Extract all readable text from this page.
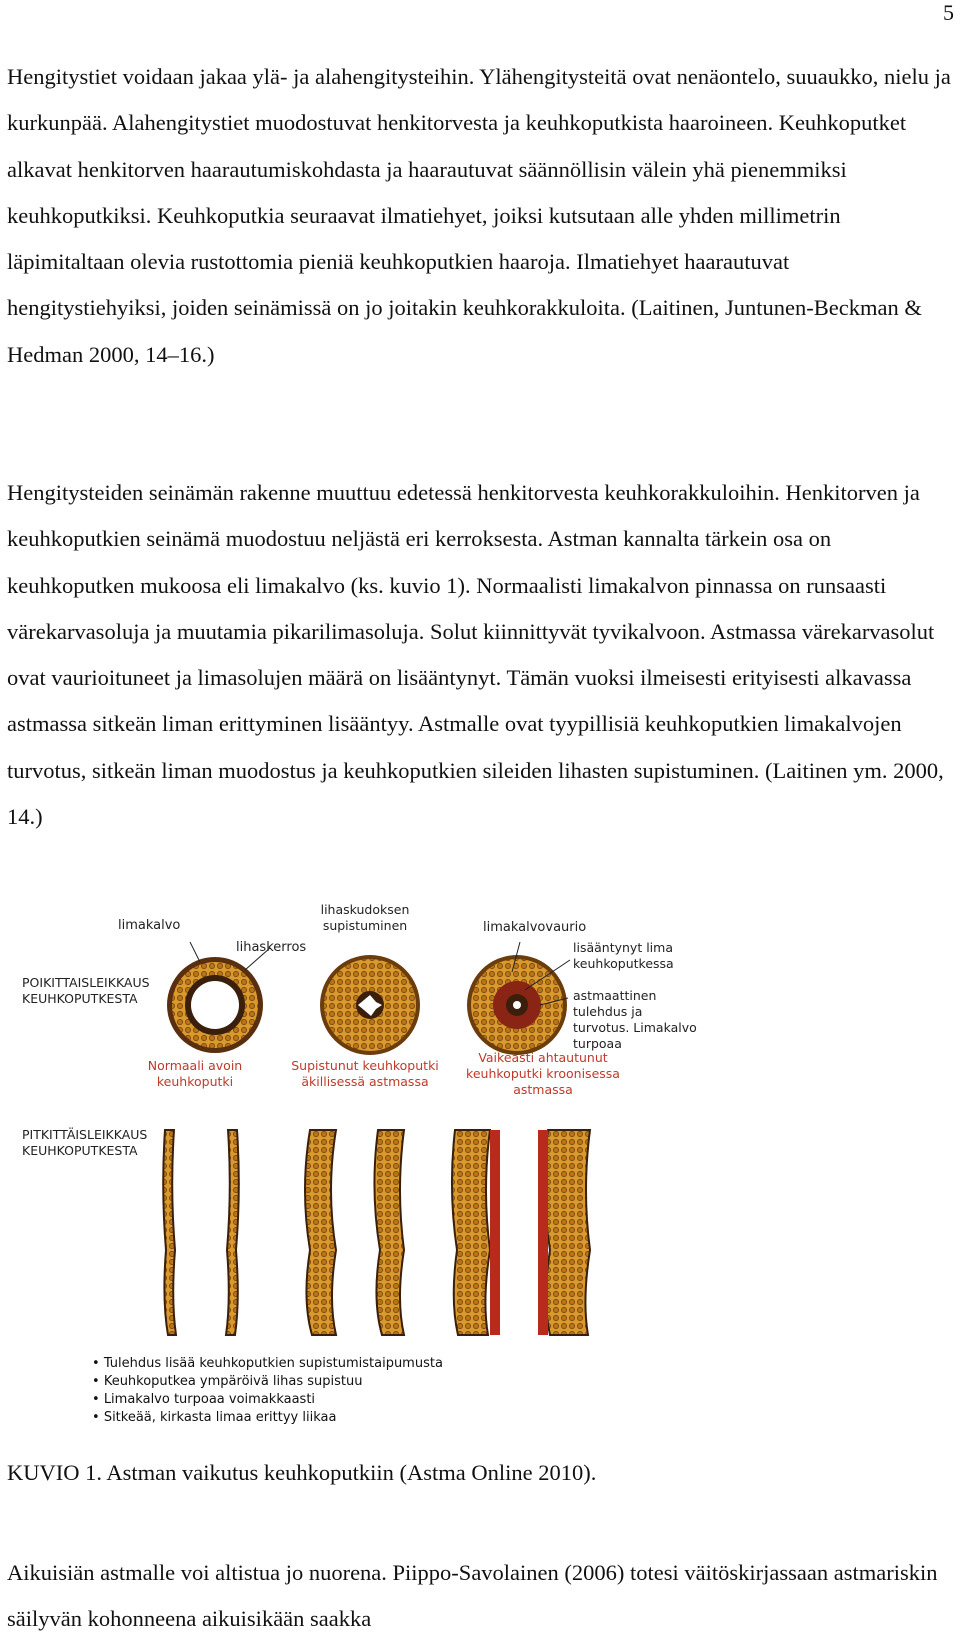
5

Hengitystiet voidaan jakaa ylä- ja alahengitysteihin. Ylähengitysteitä ovat nenäontelo, suuaukko, nielu ja kurkunpää. Alahengitystiet muodostuvat henkitorvesta ja keuhkoputkista haaroineen. Keuhkoputket alkavat henkitorven haarautumiskohdasta ja haarautuvat säännöllisin välein yhä pienemmiksi keuhkoputkiksi. Keuhkoputkia seuraavat ilmatiehyet, joiksi kutsutaan alle yhden millimetrin läpimitaltaan olevia rustottomia pieniä keuhkoputkien haaroja. Ilmatiehyet haarautuvat hengitystiehyiksi, joiden seinämissä on jo joitakin keuhkorakkuloita. (Laitinen, Juntunen-Beckman & Hedman 2000, 14–16.)

Hengitysteiden seinämän rakenne muuttuu edetessä henkitorvesta keuhkorakkuloihin. Henkitorven ja keuhkoputkien seinämä muodostuu neljästä eri kerroksesta. Astman kannalta tärkein osa on keuhkoputken mukoosa eli limakalvo (ks. kuvio 1). Normaalisti limakalvon pinnassa on runsaasti värekarvasoluja ja muutamia pikarilimasoluja. Solut kiinnittyvät tyvikalvoon. Astmassa värekarvasolut ovat vaurioituneet ja limasolujen määrä on lisääntynyt. Tämän vuoksi ilmeisesti erityisesti alkavassa astmassa sitkeän liman erittyminen lisääntyy. Astmalle ovat tyypillisiä keuhkoputkien limakalvojen turvotus, sitkeän liman muodostus ja keuhkoputkien sileiden lihasten supistuminen. (Laitinen ym. 2000, 14.)

POIKITTAISLEIKKAUS KEUHKOPUTKESTA
limakalvo
lihaskerros
lihaskudoksen supistuminen	limakalvovaurio
lisääntynyt lima keuhkoputkessa
astmaattinen tulehdus ja turvotus. Limakalvo turpoaa
Normaali avoin keuhkoputki
Supistunut keuhkoputki äkillisessä astmassa
Vaikeasti ahtautunut keuhkoputki kroonisessa astmassa
PITKITTÄISLEIKKAUS KEUHKOPUTKESTA
• Tulehdus lisää keuhkoputkien supistumistaipumusta
• Keuhkoputkea ympäröivä lihas supistuu
• Limakalvo turpoaa voimakkaasti
• Sitkeää, kirkasta limaa erittyy liikaa

KUVIO 1. Astman vaikutus keuhkoputkiin (Astma Online 2010).

Aikuisiän astmalle voi altistua jo nuorena. Piippo-Savolainen (2006) totesi väitöskirjassaan astmariskin säilyvän kohonneena aikuisikään saakka
